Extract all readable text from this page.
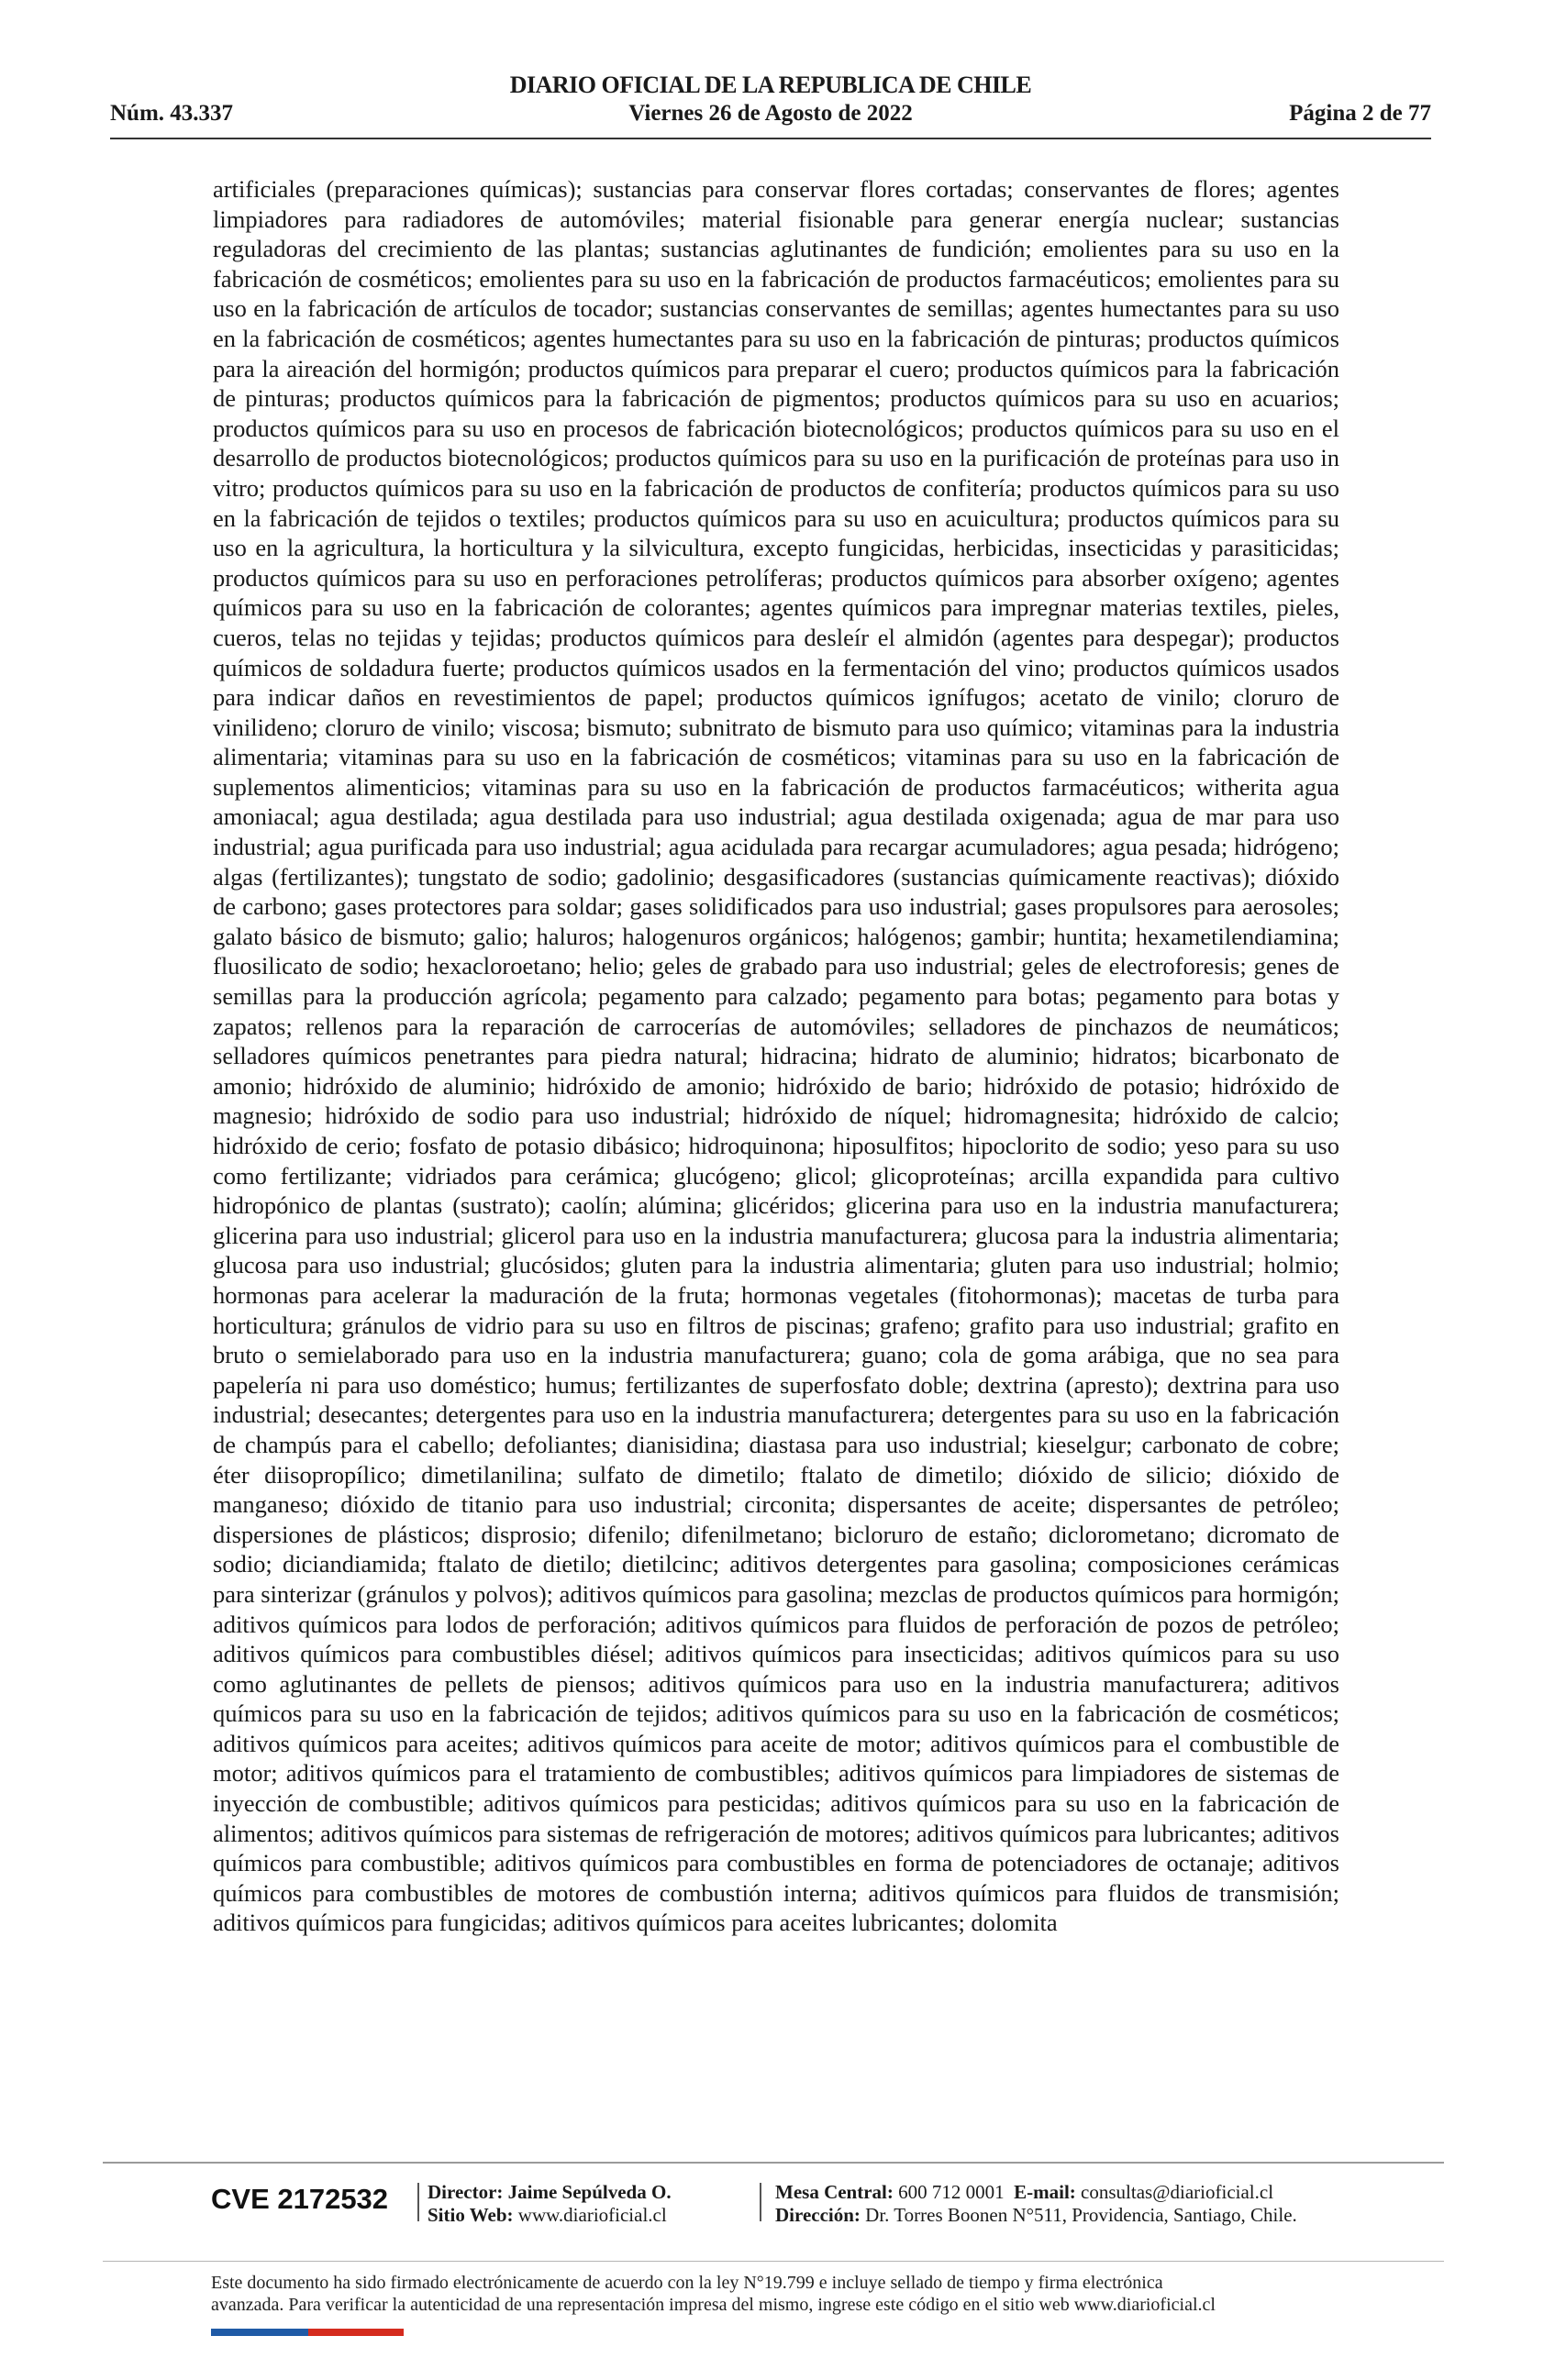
DIARIO OFICIAL DE LA REPUBLICA DE CHILE
Viernes 26 de Agosto de 2022
Núm. 43.337	Página 2 de 77
artificiales (preparaciones químicas); sustancias para conservar flores cortadas; conservantes de flores; agentes limpiadores para radiadores de automóviles; material fisionable para generar energía nuclear; sustancias reguladoras del crecimiento de las plantas; sustancias aglutinantes de fundición; emolientes para su uso en la fabricación de cosméticos; emolientes para su uso en la fabricación de productos farmacéuticos; emolientes para su uso en la fabricación de artículos de tocador; sustancias conservantes de semillas; agentes humectantes para su uso en la fabricación de cosméticos; agentes humectantes para su uso en la fabricación de pinturas; productos químicos para la aireación del hormigón; productos químicos para preparar el cuero; productos químicos para la fabricación de pinturas; productos químicos para la fabricación de pigmentos; productos químicos para su uso en acuarios; productos químicos para su uso en procesos de fabricación biotecnológicos; productos químicos para su uso en el desarrollo de productos biotecnológicos; productos químicos para su uso en la purificación de proteínas para uso in vitro; productos químicos para su uso en la fabricación de productos de confitería; productos químicos para su uso en la fabricación de tejidos o textiles; productos químicos para su uso en acuicultura; productos químicos para su uso en la agricultura, la horticultura y la silvicultura, excepto fungicidas, herbicidas, insecticidas y parasiticidas; productos químicos para su uso en perforaciones petrolíferas; productos químicos para absorber oxígeno; agentes químicos para su uso en la fabricación de colorantes; agentes químicos para impregnar materias textiles, pieles, cueros, telas no tejidas y tejidas; productos químicos para desleír el almidón (agentes para despegar); productos químicos de soldadura fuerte; productos químicos usados en la fermentación del vino; productos químicos usados para indicar daños en revestimientos de papel; productos químicos ignífugos; acetato de vinilo; cloruro de vinilideno; cloruro de vinilo; viscosa; bismuto; subnitrato de bismuto para uso químico; vitaminas para la industria alimentaria; vitaminas para su uso en la fabricación de cosméticos; vitaminas para su uso en la fabricación de suplementos alimenticios; vitaminas para su uso en la fabricación de productos farmacéuticos; witherita agua amoniacal; agua destilada; agua destilada para uso industrial; agua destilada oxigenada; agua de mar para uso industrial; agua purificada para uso industrial; agua acidulada para recargar acumuladores; agua pesada; hidrógeno; algas (fertilizantes); tungstato de sodio; gadolinio; desgasificadores (sustancias químicamente reactivas); dióxido de carbono; gases protectores para soldar; gases solidificados para uso industrial; gases propulsores para aerosoles; galato básico de bismuto; galio; haluros; halogenuros orgánicos; halógenos; gambir; huntita; hexametilendiamina; fluosilicato de sodio; hexacloroetano; helio; geles de grabado para uso industrial; geles de electroforesis; genes de semillas para la producción agrícola; pegamento para calzado; pegamento para botas; pegamento para botas y zapatos; rellenos para la reparación de carrocerías de automóviles; selladores de pinchazos de neumáticos; selladores químicos penetrantes para piedra natural; hidracina; hidrato de aluminio; hidratos; bicarbonato de amonio; hidróxido de aluminio; hidróxido de amonio; hidróxido de bario; hidróxido de potasio; hidróxido de magnesio; hidróxido de sodio para uso industrial; hidróxido de níquel; hidromagnesita; hidróxido de calcio; hidróxido de cerio; fosfato de potasio dibásico; hidroquinona; hiposulfitos; hipoclorito de sodio; yeso para su uso como fertilizante; vidriados para cerámica; glucógeno; glicol; glicoproteínas; arcilla expandida para cultivo hidropónico de plantas (sustrato); caolín; alúmina; glicéridos; glicerina para uso en la industria manufacturera; glicerina para uso industrial; glicerol para uso en la industria manufacturera; glucosa para la industria alimentaria; glucosa para uso industrial; glucósidos; gluten para la industria alimentaria; gluten para uso industrial; holmio; hormonas para acelerar la maduración de la fruta; hormonas vegetales (fitohormonas); macetas de turba para horticultura; gránulos de vidrio para su uso en filtros de piscinas; grafeno; grafito para uso industrial; grafito en bruto o semielaborado para uso en la industria manufacturera; guano; cola de goma arábiga, que no sea para papelería ni para uso doméstico; humus; fertilizantes de superfosfato doble; dextrina (apresto); dextrina para uso industrial; desecantes; detergentes para uso en la industria manufacturera; detergentes para su uso en la fabricación de champús para el cabello; defoliantes; dianisidina; diastasa para uso industrial; kieselgur; carbonato de cobre; éter diisopropílico; dimetilanilina; sulfato de dimetilo; ftalato de dimetilo; dióxido de silicio; dióxido de manganeso; dióxido de titanio para uso industrial; circonita; dispersantes de aceite; dispersantes de petróleo; dispersiones de plásticos; disprosio; difenilo; difenilmetano; bicloruro de estaño; diclorometano; dicromato de sodio; diciandiamida; ftalato de dietilo; dietilcinc; aditivos detergentes para gasolina; composiciones cerámicas para sinterizar (gránulos y polvos); aditivos químicos para gasolina; mezclas de productos químicos para hormigón; aditivos químicos para lodos de perforación; aditivos químicos para fluidos de perforación de pozos de petróleo; aditivos químicos para combustibles diésel; aditivos químicos para insecticidas; aditivos químicos para su uso como aglutinantes de pellets de piensos; aditivos químicos para uso en la industria manufacturera; aditivos químicos para su uso en la fabricación de tejidos; aditivos químicos para su uso en la fabricación de cosméticos; aditivos químicos para aceites; aditivos químicos para aceite de motor; aditivos químicos para el combustible de motor; aditivos químicos para el tratamiento de combustibles; aditivos químicos para limpiadores de sistemas de inyección de combustible; aditivos químicos para pesticidas; aditivos químicos para su uso en la fabricación de alimentos; aditivos químicos para sistemas de refrigeración de motores; aditivos químicos para lubricantes; aditivos químicos para combustible; aditivos químicos para combustibles en forma de potenciadores de octanaje; aditivos químicos para combustibles de motores de combustión interna; aditivos químicos para fluidos de transmisión; aditivos químicos para fungicidas; aditivos químicos para aceites lubricantes; dolomita
CVE 2172532 Director: Jaime Sepúlveda O.
Sitio Web: www.diarioficial.cl
Mesa Central: 600 712 0001 E-mail: consultas@diarioficial.cl
Dirección: Dr. Torres Boonen N°511, Providencia, Santiago, Chile.
Este documento ha sido firmado electrónicamente de acuerdo con la ley N°19.799 e incluye sellado de tiempo y firma electrónica
avanzada. Para verificar la autenticidad de una representación impresa del mismo, ingrese este código en el sitio web www.diarioficial.cl
